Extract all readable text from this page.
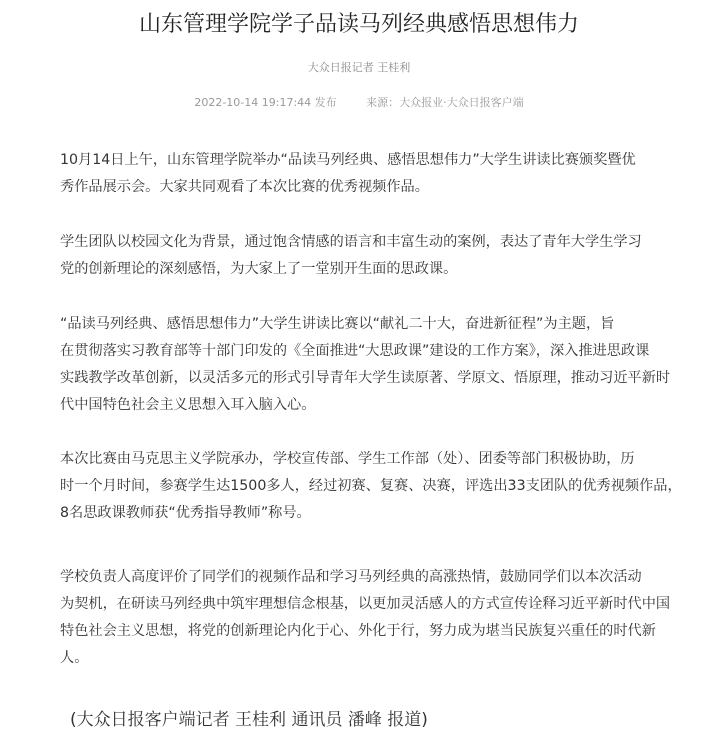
山东管理学院学子品读马列经典感悟思想伟力
大众日报记者 王桂利
2022-10-14 19:17:44 发布	来源：大众报业·大众日报客户端

10月14日上午，山东管理学院举办“品读马列经典、感悟思想伟力”大学生讲读比赛颁奖暨优
秀作品展示会。大家共同观看了本次比赛的优秀视频作品。

学生团队以校园文化为背景，通过饱含情感的语言和丰富生动的案例，表达了青年大学生学习
党的创新理论的深刻感悟，为大家上了一堂别开生面的思政课。

“品读马列经典、感悟思想伟力”大学生讲读比赛以“献礼二十大，奋进新征程”为主题，旨
在贯彻落实习教育部等十部门印发的《全面推进“大思政课”建设的工作方案》，深入推进思政课
实践教学改革创新，以灵活多元的形式引导青年大学生读原著、学原文、悟原理，推动习近平新时
代中国特色社会主义思想入耳入脑入心。

本次比赛由马克思主义学院承办，学校宣传部、学生工作部（处）、团委等部门积极协助，历
时一个月时间，参赛学生达1500多人，经过初赛、复赛、决赛，评选出33支团队的优秀视频作品，
8名思政课教师获“优秀指导教师”称号。

学校负责人高度评价了同学们的视频作品和学习马列经典的高涨热情，鼓励同学们以本次活动
为契机，在研读马列经典中筑牢理想信念根基，以更加灵活感人的方式宣传诠释习近平新时代中国
特色社会主义思想，将党的创新理论内化于心、外化于行，努力成为堪当民族复兴重任的时代新
人。

(大众日报客户端记者 王桂利 通讯员 潘峰 报道)
